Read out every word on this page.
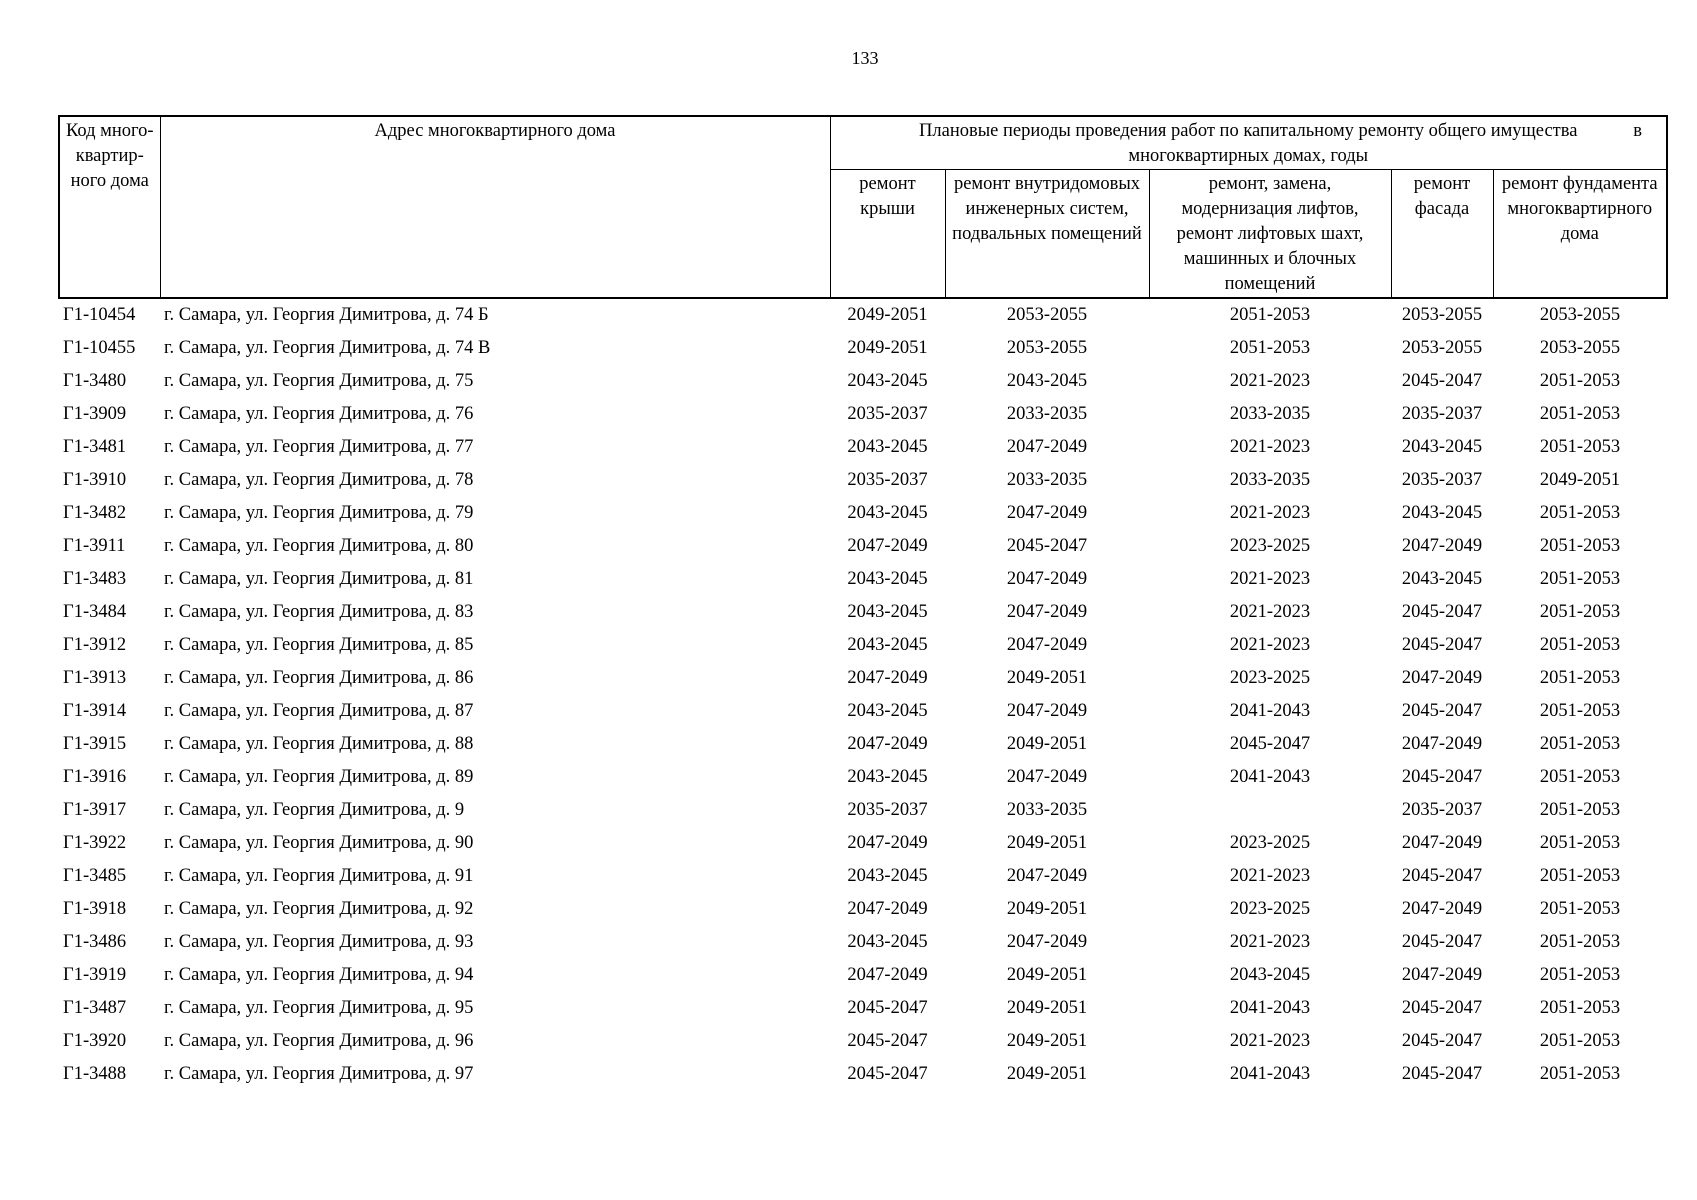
133
Код много-квартир-ного дома	Адрес многоквартирного дома	Плановые периоды проведения работ по капитальному ремонту общего имущества в
многоквартирных домах, годы				

		ремонт крыши	ремонт внутридомовых инженерных систем, подвальных помещений	ремонт, замена, модернизация лифтов, ремонт лифтовых шахт, машинных и блочных помещений	ремонт фасада	ремонт фундамента многоквартирного дома
Г1-10454	г. Самара, ул. Георгия Димитрова, д. 74 Б	2049-2051	2053-2055	2051-2053	2053-2055	2053-2055
Г1-10455	г. Самара, ул. Георгия Димитрова, д. 74 В	2049-2051	2053-2055	2051-2053	2053-2055	2053-2055
Г1-3480	г. Самара, ул. Георгия Димитрова, д. 75	2043-2045	2043-2045	2021-2023	2045-2047	2051-2053
Г1-3909	г. Самара, ул. Георгия Димитрова, д. 76	2035-2037	2033-2035	2033-2035	2035-2037	2051-2053
Г1-3481	г. Самара, ул. Георгия Димитрова, д. 77	2043-2045	2047-2049	2021-2023	2043-2045	2051-2053
Г1-3910	г. Самара, ул. Георгия Димитрова, д. 78	2035-2037	2033-2035	2033-2035	2035-2037	2049-2051
Г1-3482	г. Самара, ул. Георгия Димитрова, д. 79	2043-2045	2047-2049	2021-2023	2043-2045	2051-2053
Г1-3911	г. Самара, ул. Георгия Димитрова, д. 80	2047-2049	2045-2047	2023-2025	2047-2049	2051-2053
Г1-3483	г. Самара, ул. Георгия Димитрова, д. 81	2043-2045	2047-2049	2021-2023	2043-2045	2051-2053
Г1-3484	г. Самара, ул. Георгия Димитрова, д. 83	2043-2045	2047-2049	2021-2023	2045-2047	2051-2053
Г1-3912	г. Самара, ул. Георгия Димитрова, д. 85	2043-2045	2047-2049	2021-2023	2045-2047	2051-2053
Г1-3913	г. Самара, ул. Георгия Димитрова, д. 86	2047-2049	2049-2051	2023-2025	2047-2049	2051-2053
Г1-3914	г. Самара, ул. Георгия Димитрова, д. 87	2043-2045	2047-2049	2041-2043	2045-2047	2051-2053
Г1-3915	г. Самара, ул. Георгия Димитрова, д. 88	2047-2049	2049-2051	2045-2047	2047-2049	2051-2053
Г1-3916	г. Самара, ул. Георгия Димитрова, д. 89	2043-2045	2047-2049	2041-2043	2045-2047	2051-2053
Г1-3917	г. Самара, ул. Георгия Димитрова, д. 9	2035-2037	2033-2035		2035-2037	2051-2053
Г1-3922	г. Самара, ул. Георгия Димитрова, д. 90	2047-2049	2049-2051	2023-2025	2047-2049	2051-2053
Г1-3485	г. Самара, ул. Георгия Димитрова, д. 91	2043-2045	2047-2049	2021-2023	2045-2047	2051-2053
Г1-3918	г. Самара, ул. Георгия Димитрова, д. 92	2047-2049	2049-2051	2023-2025	2047-2049	2051-2053
Г1-3486	г. Самара, ул. Георгия Димитрова, д. 93	2043-2045	2047-2049	2021-2023	2045-2047	2051-2053
Г1-3919	г. Самара, ул. Георгия Димитрова, д. 94	2047-2049	2049-2051	2043-2045	2047-2049	2051-2053
Г1-3487	г. Самара, ул. Георгия Димитрова, д. 95	2045-2047	2049-2051	2041-2043	2045-2047	2051-2053
Г1-3920	г. Самара, ул. Георгия Димитрова, д. 96	2045-2047	2049-2051	2021-2023	2045-2047	2051-2053
Г1-3488	г. Самара, ул. Георгия Димитрова, д. 97	2045-2047	2049-2051	2041-2043	2045-2047	2051-2053
